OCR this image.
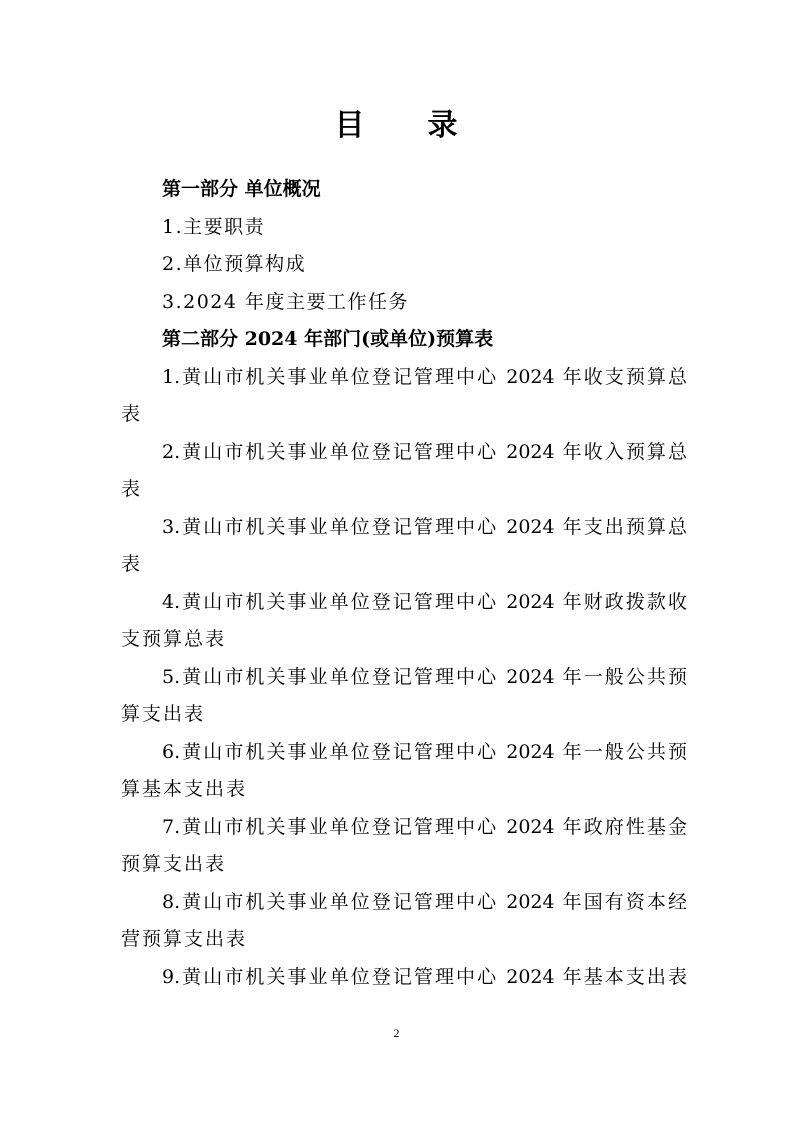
目　　录
第一部分 单位概况
1.主要职责
2.单位预算构成
3.2024 年度主要工作任务
第二部分 2024 年部门(或单位)预算表
1.黄山市机关事业单位登记管理中心 2024 年收支预算总
表
2.黄山市机关事业单位登记管理中心 2024 年收入预算总
表
3.黄山市机关事业单位登记管理中心 2024 年支出预算总
表
4.黄山市机关事业单位登记管理中心 2024 年财政拨款收
支预算总表
5.黄山市机关事业单位登记管理中心 2024 年一般公共预
算支出表
6.黄山市机关事业单位登记管理中心 2024 年一般公共预
算基本支出表
7.黄山市机关事业单位登记管理中心 2024 年政府性基金
预算支出表
8.黄山市机关事业单位登记管理中心 2024 年国有资本经
营预算支出表
9.黄山市机关事业单位登记管理中心 2024 年基本支出表
2
